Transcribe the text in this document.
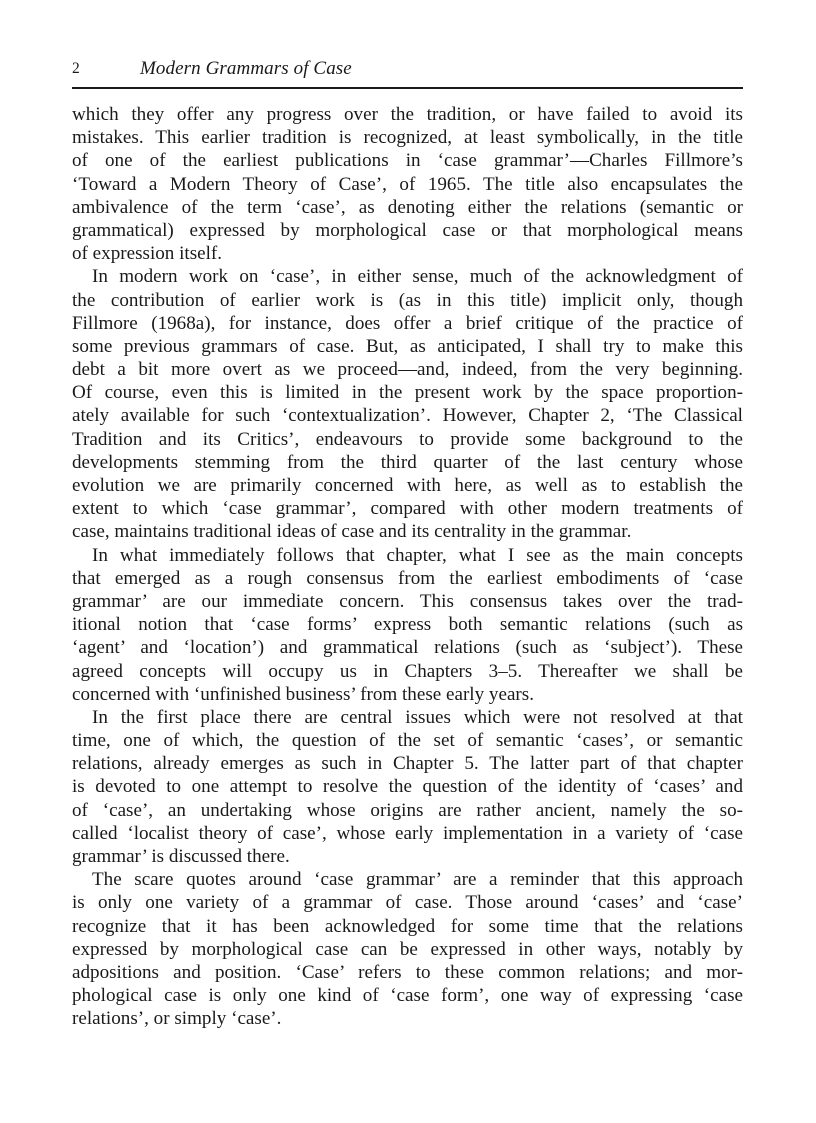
2	Modern Grammars of Case

which they offer any progress over the tradition, or have failed to avoid its
mistakes. This earlier tradition is recognized, at least symbolically, in the title
of one of the earliest publications in ‘case grammar’—Charles Fillmore’s
‘Toward a Modern Theory of Case’, of 1965. The title also encapsulates the
ambivalence of the term ‘case’, as denoting either the relations (semantic or
grammatical) expressed by morphological case or that morphological means
of expression itself.

In modern work on ‘case’, in either sense, much of the acknowledgment of
the contribution of earlier work is (as in this title) implicit only, though
Fillmore (1968a), for instance, does offer a brief critique of the practice of
some previous grammars of case. But, as anticipated, I shall try to make this
debt a bit more overt as we proceed—and, indeed, from the very beginning.
Of course, even this is limited in the present work by the space proportion-
ately available for such ‘contextualization’. However, Chapter 2, ‘The Classical
Tradition and its Critics’, endeavours to provide some background to the
developments stemming from the third quarter of the last century whose
evolution we are primarily concerned with here, as well as to establish the
extent to which ‘case grammar’, compared with other modern treatments of
case, maintains traditional ideas of case and its centrality in the grammar.

In what immediately follows that chapter, what I see as the main concepts
that emerged as a rough consensus from the earliest embodiments of ‘case
grammar’ are our immediate concern. This consensus takes over the trad-
itional notion that ‘case forms’ express both semantic relations (such as
‘agent’ and ‘location’) and grammatical relations (such as ‘subject’). These
agreed concepts will occupy us in Chapters 3–5. Thereafter we shall be
concerned with ‘unfinished business’ from these early years.

In the first place there are central issues which were not resolved at that
time, one of which, the question of the set of semantic ‘cases’, or semantic
relations, already emerges as such in Chapter 5. The latter part of that chapter
is devoted to one attempt to resolve the question of the identity of ‘cases’ and
of ‘case’, an undertaking whose origins are rather ancient, namely the so-
called ‘localist theory of case’, whose early implementation in a variety of ‘case
grammar’ is discussed there.

The scare quotes around ‘case grammar’ are a reminder that this approach
is only one variety of a grammar of case. Those around ‘cases’ and ‘case’
recognize that it has been acknowledged for some time that the relations
expressed by morphological case can be expressed in other ways, notably by
adpositions and position. ‘Case’ refers to these common relations; and mor-
phological case is only one kind of ‘case form’, one way of expressing ‘case
relations’, or simply ‘case’.
